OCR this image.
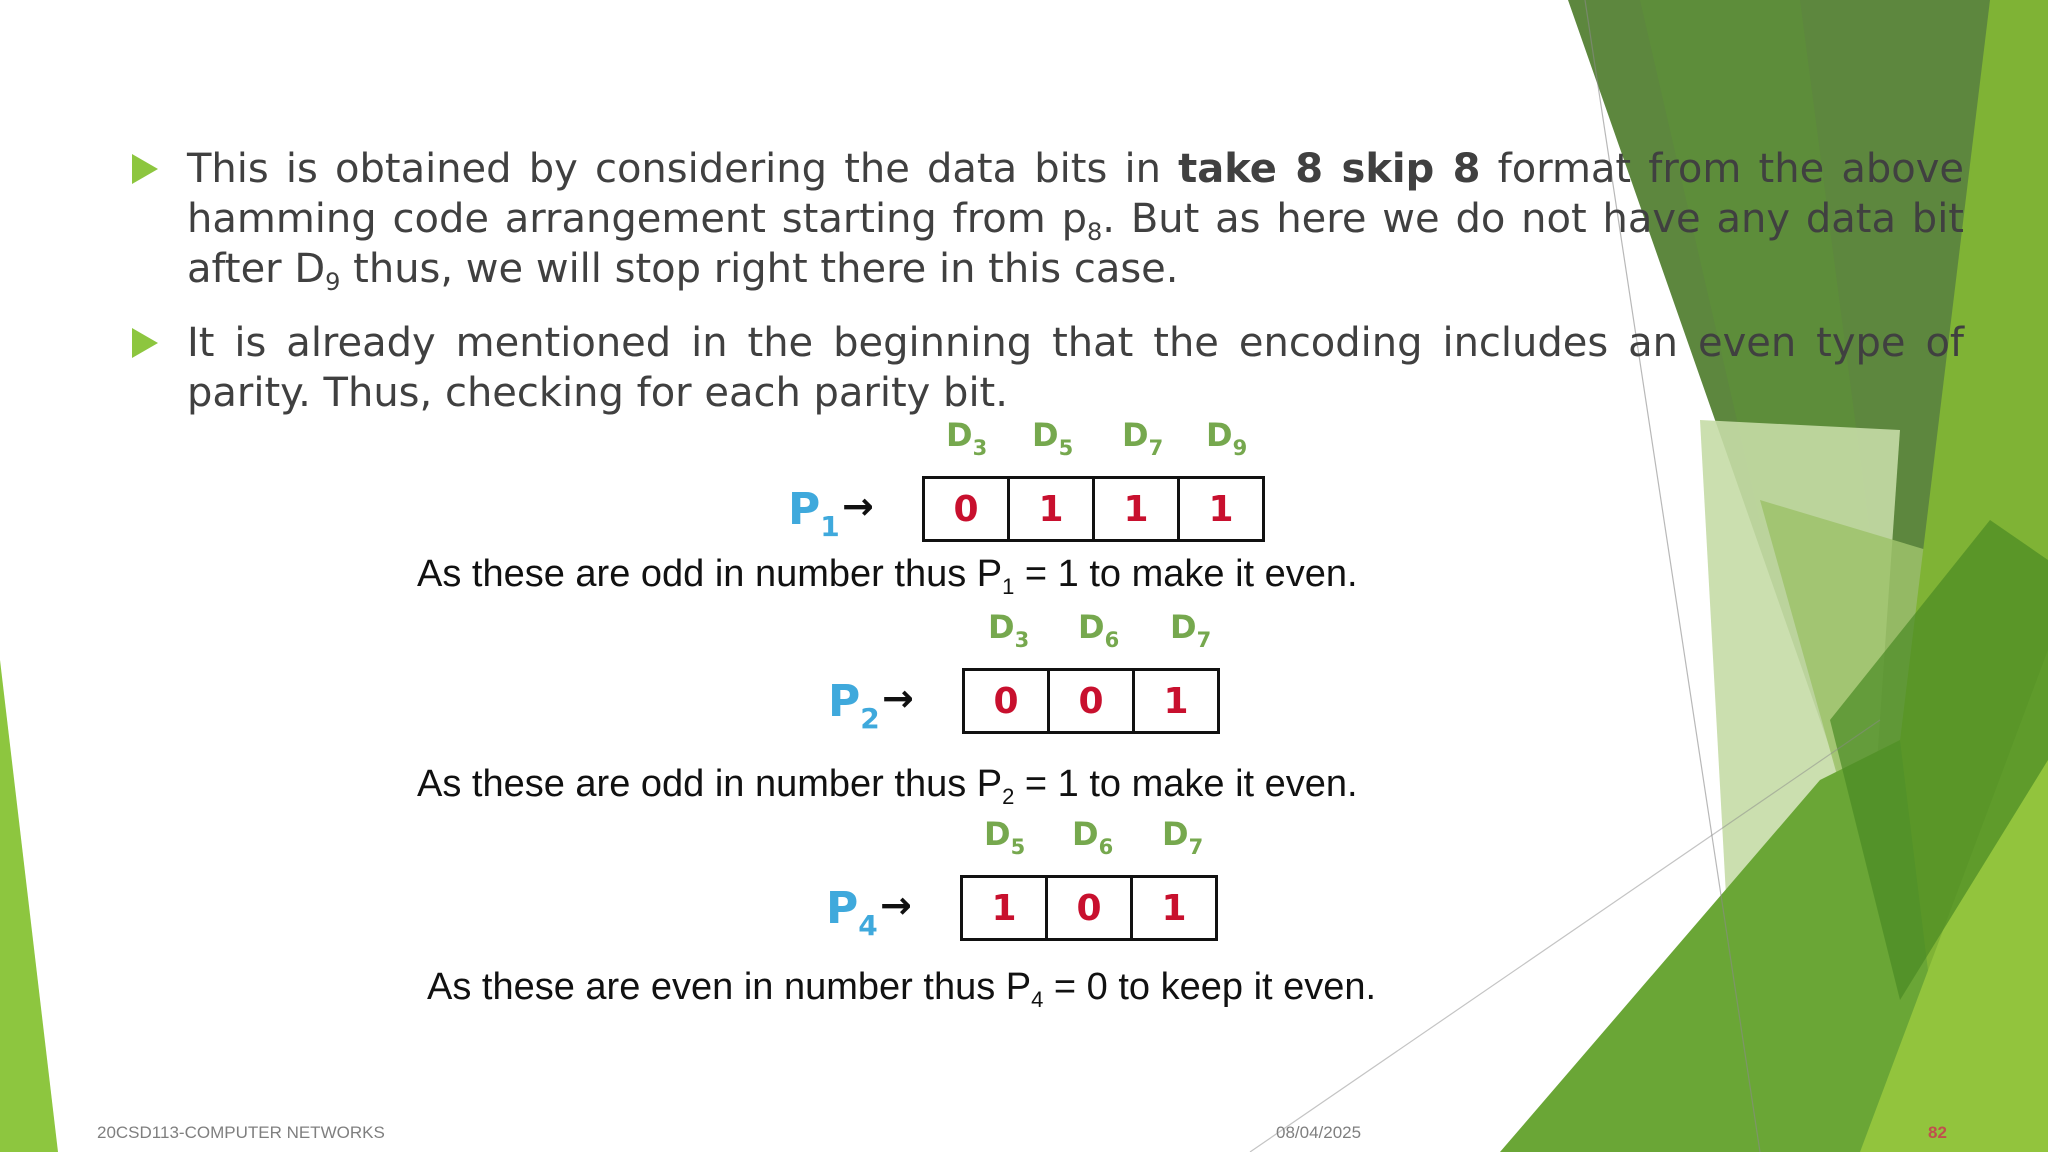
This is obtained by considering the data bits in take 8 skip 8 format from the above hamming code arrangement starting from $p_8$. But as here we do not have any data bit after $D_9$ thus, we will stop right there in this case.
It is already mentioned in the beginning that the encoding includes an even type of parity. Thus, checking for each parity bit.
$D_3$ $D_5$ $D_7$ $D_9$
$P_1$ →	0	1	1	1
As these are odd in number thus $P_1 = 1$ to make it even.
$D_3$ $D_6$ $D_7$
$P_2$ →	0	0	1
As these are odd in number thus $P_2 = 1$ to make it even.
$D_5$ $D_6$ $D_7$
$P_4$ →	1	0	1
As these are even in number thus $P_4 = 0$ to keep it even.
20CSD113-COMPUTER NETWORKS	08/04/2025	82
